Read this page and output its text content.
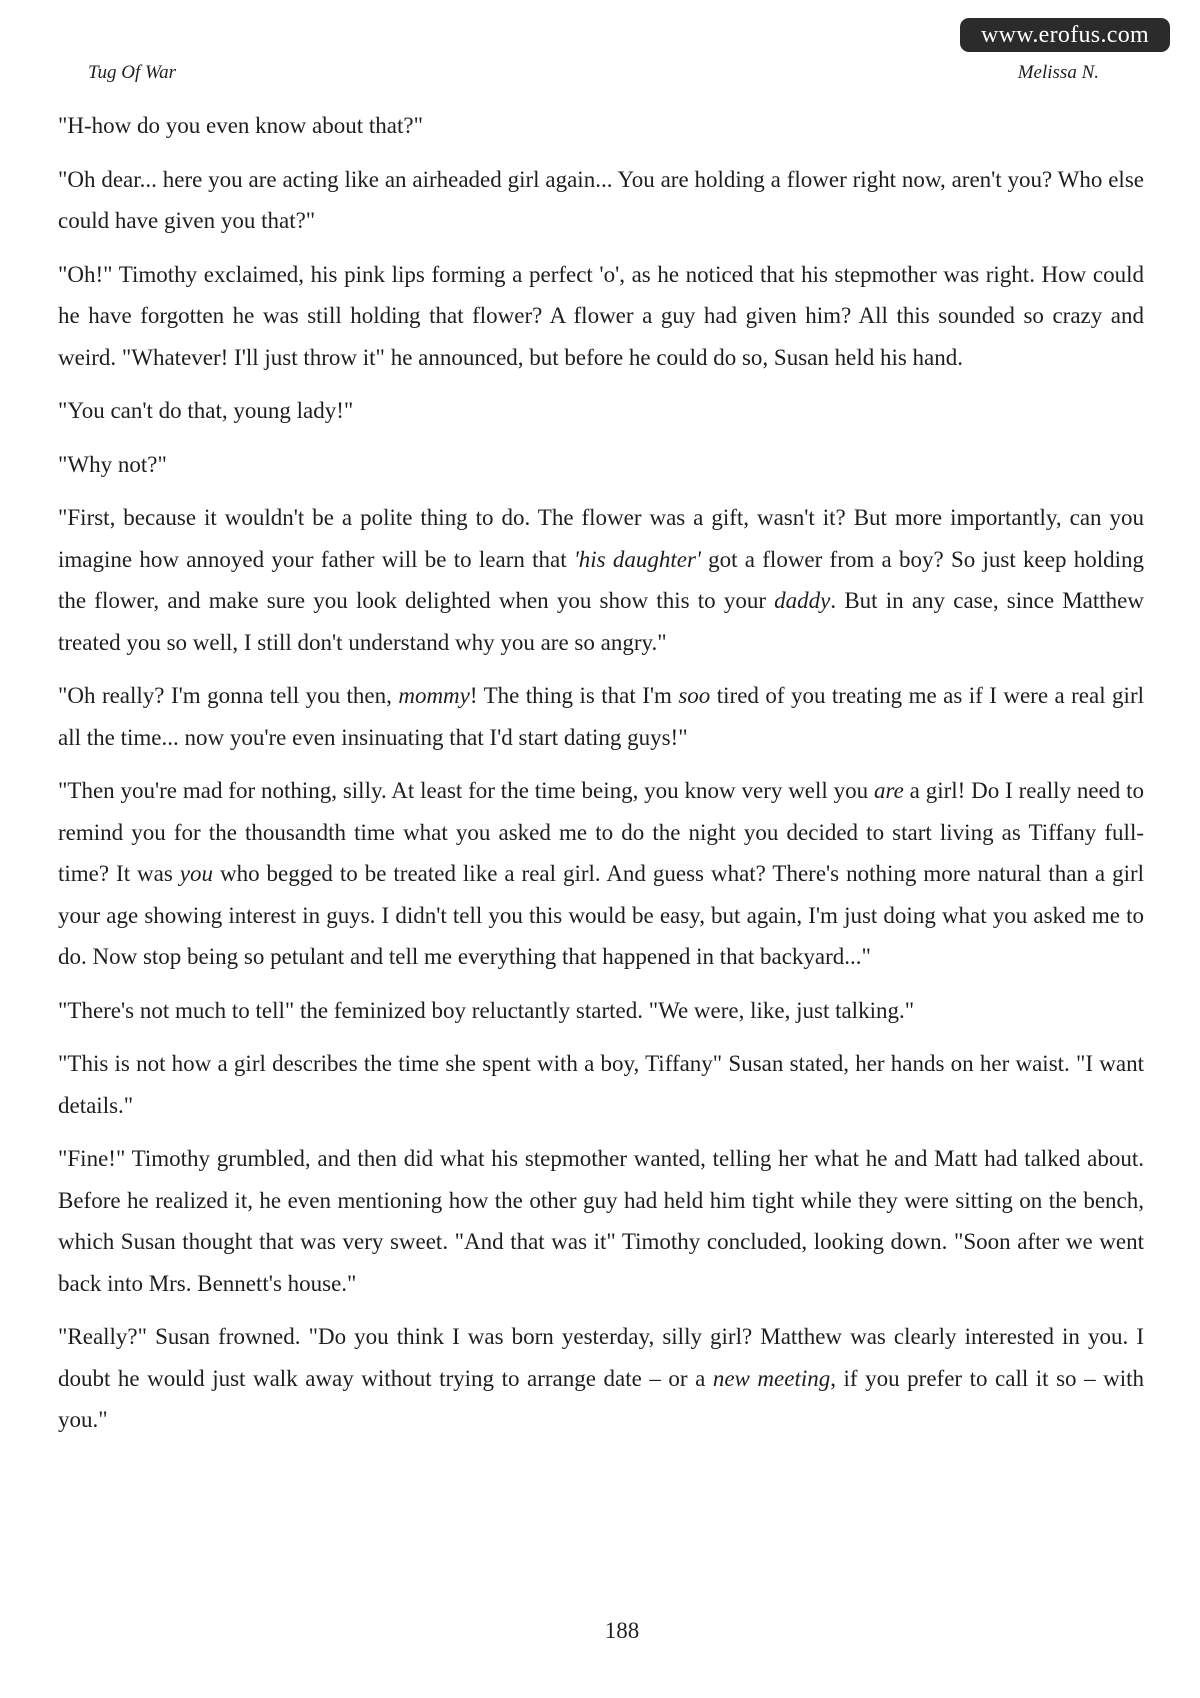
www.erofus.com
Tug Of War	Melissa N.

"H-how do you even know about that?"

"Oh dear... here you are acting like an airheaded girl again... You are holding a flower right now, aren't you? Who else could have given you that?"

"Oh!" Timothy exclaimed, his pink lips forming a perfect 'o', as he noticed that his stepmother was right. How could he have forgotten he was still holding that flower? A flower a guy had given him? All this sounded so crazy and weird. "Whatever! I'll just throw it" he announced, but before he could do so, Susan held his hand.

"You can't do that, young lady!"

"Why not?"

"First, because it wouldn't be a polite thing to do. The flower was a gift, wasn't it? But more importantly, can you imagine how annoyed your father will be to learn that 'his daughter' got a flower from a boy? So just keep holding the flower, and make sure you look delighted when you show this to your daddy. But in any case, since Matthew treated you so well, I still don't understand why you are so angry."

"Oh really? I'm gonna tell you then, mommy! The thing is that I'm soo tired of you treating me as if I were a real girl all the time... now you're even insinuating that I'd start dating guys!"

"Then you're mad for nothing, silly. At least for the time being, you know very well you are a girl! Do I really need to remind you for the thousandth time what you asked me to do the night you decided to start living as Tiffany full-time? It was you who begged to be treated like a real girl. And guess what? There's nothing more natural than a girl your age showing interest in guys. I didn't tell you this would be easy, but again, I'm just doing what you asked me to do. Now stop being so petulant and tell me everything that happened in that backyard..."

"There's not much to tell" the feminized boy reluctantly started. "We were, like, just talking."

"This is not how a girl describes the time she spent with a boy, Tiffany" Susan stated, her hands on her waist. "I want details."

"Fine!" Timothy grumbled, and then did what his stepmother wanted, telling her what he and Matt had talked about. Before he realized it, he even mentioning how the other guy had held him tight while they were sitting on the bench, which Susan thought that was very sweet. "And that was it" Timothy concluded, looking down. "Soon after we went back into Mrs. Bennett's house."

"Really?" Susan frowned. "Do you think I was born yesterday, silly girl? Matthew was clearly interested in you. I doubt he would just walk away without trying to arrange date – or a new meeting, if you prefer to call it so – with you."

188
